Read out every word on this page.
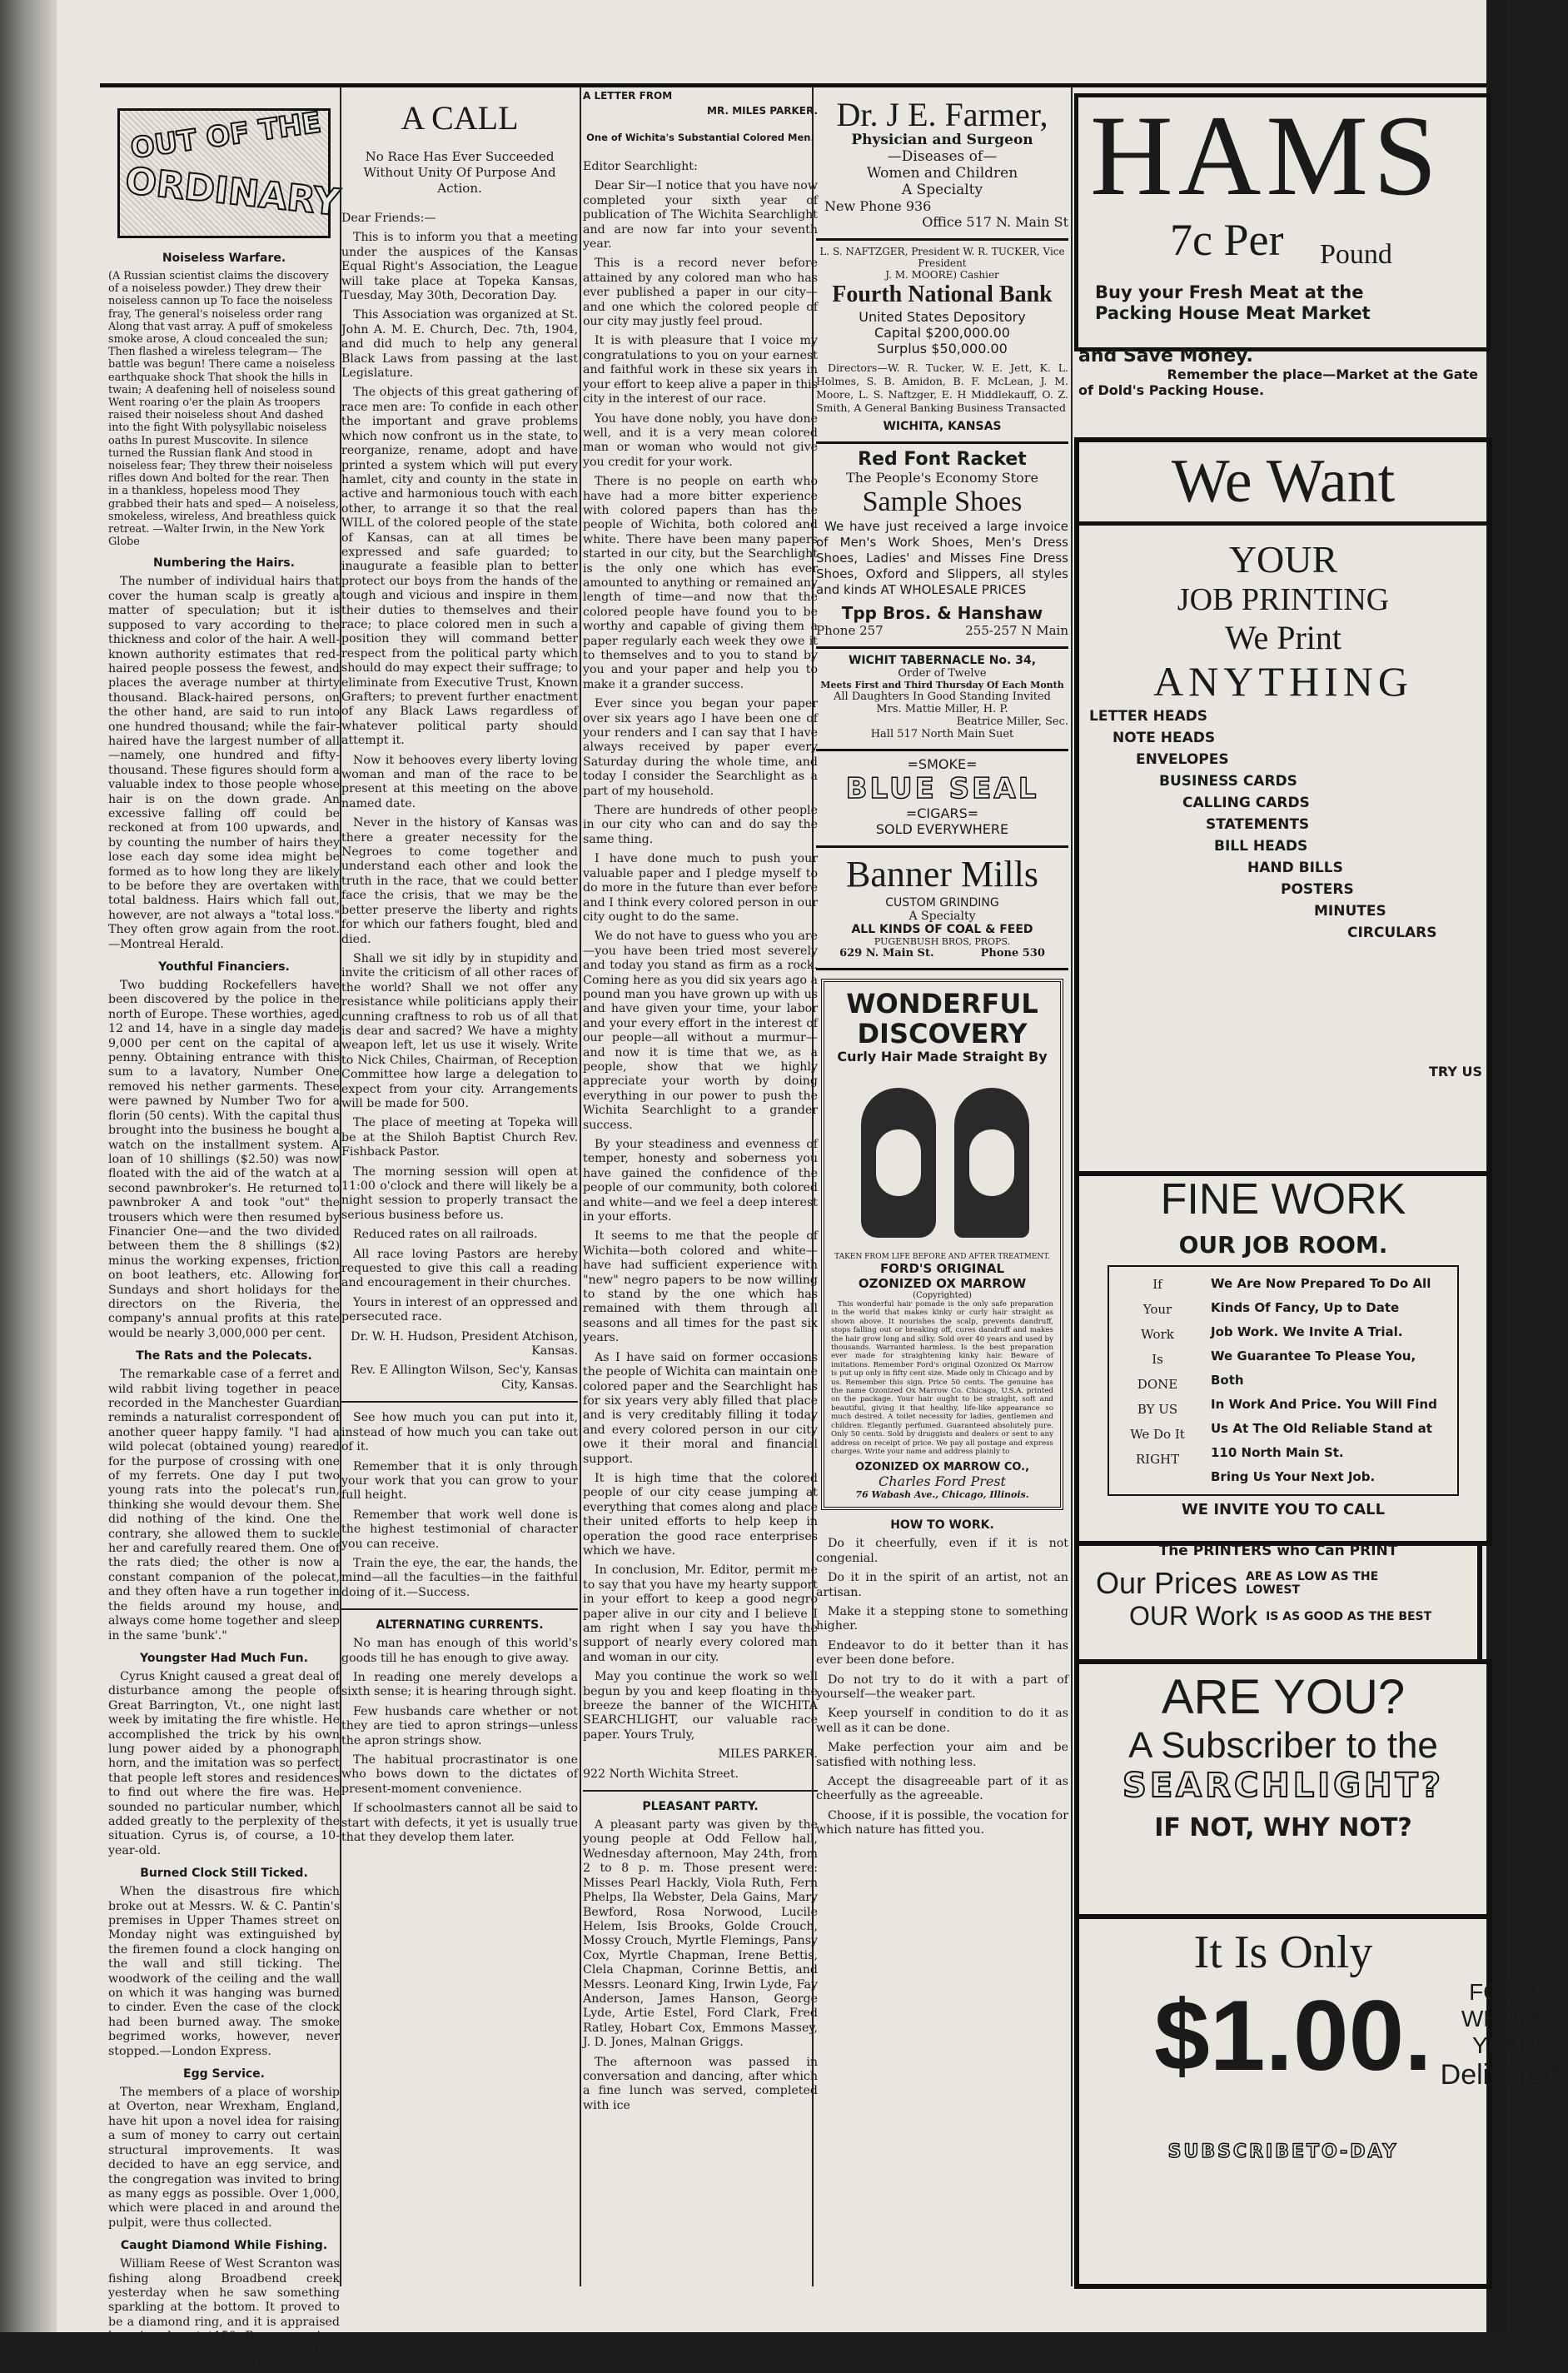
OUT OF THE
ORDINARY
Noiseless Warfare.

(A Russian scientist claims the discovery of a noiseless powder.) They drew their noiseless cannon up To face the noiseless fray, The general's noiseless order rang Along that vast array. A puff of smokeless smoke arose, A cloud concealed the sun; Then flashed a wireless telegram— The battle was begun! There came a noiseless earthquake shock That shook the hills in twain; A deafening hell of noiseless sound Went roaring o'er the plain As troopers raised their noiseless shout And dashed into the fight With polysyllabic noiseless oaths In purest Muscovite. In silence turned the Russian flank And stood in noiseless fear; They threw their noiseless rifles down And bolted for the rear. Then in a thankless, hopeless mood They grabbed their hats and sped— A noiseless, smokeless, wireless, And breathless quick retreat. —Walter Irwin, in the New York Globe

Numbering the Hairs.

The number of individual hairs that cover the human scalp is greatly a matter of speculation; but it is supposed to vary according to the thickness and color of the hair. A well-known authority estimates that red-haired people possess the fewest, and places the average number at thirty thousand. Black-haired persons, on the other hand, are said to run into one hundred thousand; while the fair-haired have the largest number of all—namely, one hundred and fifty-thousand. These figures should form a valuable index to those people whose hair is on the down grade. An excessive falling off could be reckoned at from 100 upwards, and by counting the number of hairs they lose each day some idea might be formed as to how long they are likely to be before they are overtaken with total baldness. Hairs which fall out, however, are not always a "total loss." They often grow again from the root.—Montreal Herald.

Youthful Financiers.

Two budding Rockefellers have been discovered by the police in the north of Europe. These worthies, aged 12 and 14, have in a single day made 9,000 per cent on the capital of a penny. Obtaining entrance with this sum to a lavatory, Number One removed his nether garments. These were pawned by Number Two for a florin (50 cents). With the capital thus brought into the business he bought a watch on the installment system. A loan of 10 shillings ($2.50) was now floated with the aid of the watch at a second pawnbroker's. He returned to pawnbroker A and took "out" the trousers which were then resumed by Financier One—and the two divided between them the 8 shillings ($2) minus the working expenses, friction on boot leathers, etc. Allowing for Sundays and short holidays for the directors on the Riveria, the company's annual profits at this rate would be nearly 3,000,000 per cent.

The Rats and the Polecats.

The remarkable case of a ferret and wild rabbit living together in peace recorded in the Manchester Guardian reminds a naturalist correspondent of another queer happy family. "I had a wild polecat (obtained young) reared for the purpose of crossing with one of my ferrets. One day I put two young rats into the polecat's run, thinking she would devour them. She did nothing of the kind. One the contrary, she allowed them to suckle her and carefully reared them. One of the rats died; the other is now a constant companion of the polecat, and they often have a run together in the fields around my house, and always come home together and sleep in the same 'bunk'."

Youngster Had Much Fun.

Cyrus Knight caused a great deal of disturbance among the people of Great Barrington, Vt., one night last week by imitating the fire whistle. He accomplished the trick by his own lung power aided by a phonograph horn, and the imitation was so perfect that people left stores and residences to find out where the fire was. He sounded no particular number, which added greatly to the perplexity of the situation. Cyrus is, of course, a 10-year-old.

Burned Clock Still Ticked.

When the disastrous fire which broke out at Messrs. W. & C. Pantin's premises in Upper Thames street on Monday night was extinguished by the firemen found a clock hanging on the wall and still ticking. The woodwork of the ceiling and the wall on which it was hanging was burned to cinder. Even the case of the clock had been burned away. The smoke begrimed works, however, never stopped.—London Express.

Egg Service.

The members of a place of worship at Overton, near Wrexham, England, have hit upon a novel idea for raising a sum of money to carry out certain structural improvements. It was decided to have an egg service, and the congregation was invited to bring as many eggs as possible. Over 1,000, which were placed in and around the pulpit, were thus collected.

Caught Diamond While Fishing.

William Reese of West Scranton was fishing along Broadbend creek yesterday when he saw something sparkling at the bottom. It proved to be a diamond ring, and it is appraised by a jeweler at $150. Reese surmises that some fisherman lost it.—Wilkesbarre, Pa., dispatch.

A CALL

No Race Has Ever Succeeded Without Unity Of Purpose And Action.

Dear Friends:—

This is to inform you that a meeting under the auspices of the Kansas Equal Right's Association, the League will take place at Topeka Kansas, Tuesday, May 30th, Decoration Day.

This Association was organized at St. John A. M. E. Church, Dec. 7th, 1904, and did much to help any general Black Laws from passing at the last Legislature.

The objects of this great gathering of race men are: To confide in each other the important and grave problems which now confront us in the state, to reorganize, rename, adopt and have printed a system which will put every hamlet, city and county in the state in active and harmonious touch with each other, to arrange it so that the real WILL of the colored people of the state of Kansas, can at all times be expressed and safe guarded; to inaugurate a feasible plan to better protect our boys from the hands of the tough and vicious and inspire in them their duties to themselves and their race; to place colored men in such a position they will command better respect from the political party which should do may expect their suffrage; to eliminate from Executive Trust, Known Grafters; to prevent further enactment of any Black Laws regardless of whatever political party should attempt it.

Now it behooves every liberty loving woman and man of the race to be present at this meeting on the above named date.

Never in the history of Kansas was there a greater necessity for the Negroes to come together and understand each other and look the truth in the race, that we could better face the crisis, that we may be the better preserve the liberty and rights for which our fathers fought, bled and died.

Shall we sit idly by in stupidity and invite the criticism of all other races of the world? Shall we not offer any resistance while politicians apply their cunning craftness to rob us of all that is dear and sacred? We have a mighty weapon left, let us use it wisely. Write to Nick Chiles, Chairman, of Reception Committee how large a delegation to expect from your city. Arrangements will be made for 500.

The place of meeting at Topeka will be at the Shiloh Baptist Church Rev. Fishback Pastor.

The morning session will open at 11:00 o'clock and there will likely be a night session to properly transact the serious business before us.

Reduced rates on all railroads.

All race loving Pastors are hereby requested to give this call a reading and encouragement in their churches.

Yours in interest of an oppressed and persecuted race.

Dr. W. H. Hudson, President Atchison, Kansas.

Rev. E Allington Wilson, Sec'y, Kansas City, Kansas.

See how much you can put into it, instead of how much you can take out of it.

Remember that it is only through your work that you can grow to your full height.

Remember that work well done is the highest testimonial of character you can receive.

Train the eye, the ear, the hands, the mind—all the faculties—in the faithful doing of it.—Success.

ALTERNATING CURRENTS.

No man has enough of this world's goods till he has enough to give away.

In reading one merely develops a sixth sense; it is hearing through sight.

Few husbands care whether or not they are tied to apron strings—unless the apron strings show.

The habitual procrastinator is one who bows down to the dictates of present-moment convenience.

If schoolmasters cannot all be said to start with defects, it yet is usually true that they develop them later.

A LETTER FROM
MR. MILES PARKER.
One of Wichita's Substantial Colored Men.

Editor Searchlight:

Dear Sir—I notice that you have now completed your sixth year of publication of The Wichita Searchlight and are now far into your seventh year.

This is a record never before attained by any colored man who has ever published a paper in our city—and one which the colored people of our city may justly feel proud.

It is with pleasure that I voice my congratulations to you on your earnest and faithful work in these six years in your effort to keep alive a paper in this city in the interest of our race.

You have done nobly, you have done well, and it is a very mean colored man or woman who would not give you credit for your work.

There is no people on earth who have had a more bitter experience with colored papers than has the people of Wichita, both colored and white. There have been many papers started in our city, but the Searchlight is the only one which has ever amounted to anything or remained any length of time—and now that the colored people have found you to be worthy and capable of giving them a paper regularly each week they owe it to themselves and to you to stand by you and your paper and help you to make it a grander success.

Ever since you began your paper over six years ago I have been one of your renders and I can say that I have always received by paper every Saturday during the whole time, and today I consider the Searchlight as a part of my household.

There are hundreds of other people in our city who can and do say the same thing.

I have done much to push your valuable paper and I pledge myself to do more in the future than ever before and I think every colored person in our city ought to do the same.

We do not have to guess who you are—you have been tried most severely and today you stand as firm as a rock. Coming here as you did six years ago a pound man you have grown up with us and have given your time, your labor and your every effort in the interest of our people—all without a murmur—and now it is time that we, as a people, show that we highly appreciate your worth by doing everything in our power to push the Wichita Searchlight to a grander success.

By your steadiness and evenness of temper, honesty and soberness you have gained the confidence of the people of our community, both colored and white—and we feel a deep interest in your efforts.

It seems to me that the people of Wichita—both colored and white—have had sufficient experience with "new" negro papers to be now willing to stand by the one which has remained with them through all seasons and all times for the past six years.

As I have said on former occasions the people of Wichita can maintain one colored paper and the Searchlight has for six years very ably filled that place and is very creditably filling it today and every colored person in our city owe it their moral and financial support.

It is high time that the colored people of our city cease jumping at everything that comes along and place their united efforts to help keep in operation the good race enterprises which we have.

In conclusion, Mr. Editor, permit me to say that you have my hearty support in your effort to keep a good negro paper alive in our city and I believe I am right when I say you have the support of nearly every colored man and woman in our city.

May you continue the work so well begun by you and keep floating in the breeze the banner of the WICHITA SEARCHLIGHT, our valuable race paper. Yours Truly,

MILES PARKER.

922 North Wichita Street.

PLEASANT PARTY.

A pleasant party was given by the young people at Odd Fellow hall, Wednesday afternoon, May 24th, from 2 to 8 p. m. Those present were: Misses Pearl Hackly, Viola Ruth, Fern Phelps, Ila Webster, Dela Gains, Mary Bewford, Rosa Norwood, Lucile Helem, Isis Brooks, Golde Crouch, Mossy Crouch, Myrtle Flemings, Pansy Cox, Myrtle Chapman, Irene Bettis, Clela Chapman, Corinne Bettis, and Messrs. Leonard King, Irwin Lyde, Fay Anderson, James Hanson, George Lyde, Artie Estel, Ford Clark, Fred Ratley, Hobart Cox, Emmons Massey, J. D. Jones, Malnan Griggs.

The afternoon was passed in conversation and dancing, after which a fine lunch was served, completed with ice

Dr. J E. Farmer,
Physician and Surgeon
—Diseases of—
Women and Children
A Specialty
New Phone 936
Office 517 N. Main St
L. S. NAFTZGER, President W. R. TUCKER, Vice President
J. M. MOORE) Cashier
Fourth National Bank
United States Depository
Capital $200,000.00
Surplus $50,000.00

Directors—W. R. Tucker, W. E. Jett, K. L. Holmes, S. B. Amidon, B. F. McLean, J. M. Moore, L. S. Naftzger, E. H Middlekauff, O. Z. Smith, A General Banking Business Transacted

WICHITA, KANSAS
Red Font Racket
The People's Economy Store
Sample Shoes

We have just received a large invoice of Men's Work Shoes, Men's Dress Shoes, Ladies' and Misses Fine Dress Shoes, Oxford and Slippers, all styles and kinds AT WHOLESALE PRICES

Tpp Bros. & Hanshaw
Phone 257	255-257 N Main
WICHIT TABERNACLE No. 34,
Order of Twelve
Meets First and Third Thursday Of Each Month
All Daughters In Good Standing Invited
Mrs. Mattie Miller, H. P.
Beatrice Miller, Sec.
Hall 517 North Main Suet
=SMOKE=
BLUE SEAL
=CIGARS=
SOLD EVERYWHERE
Banner Mills
CUSTOM GRINDING
A Specialty
ALL KINDS OF COAL & FEED
PUGENBUSH BROS, PROPS.
629 N. Main St.	Phone 530
WONDERFUL
DISCOVERY
Curly Hair Made Straight By
TAKEN FROM LIFE BEFORE AND AFTER TREATMENT.
FORD'S ORIGINAL
OZONIZED OX MARROW
(Copyrighted)

This wonderful hair pomade is the only safe preparation in the world that makes kinky or curly hair straight as shown above. It nourishes the scalp, prevents dandruff, stops falling out or breaking off, cures dandruff and makes the hair grow long and silky. Sold over 40 years and used by thousands. Warranted harmless. Is the best preparation ever made for straightening kinky hair. Beware of imitations. Remember Ford's original Ozonized Ox Marrow is put up only in fifty cent size. Made only in Chicago and by us. Remember this sign. Price 50 cents. The genuine has the name Ozonized Ox Marrow Co. Chicago, U.S.A. printed on the package. Your hair ought to be straight, soft and beautiful, giving it that healthy, life-like appearance so much desired. A toilet necessity for ladies, gentlemen and children. Elegantly perfumed. Guaranteed absolutely pure. Only 50 cents. Sold by druggists and dealers or sent to any address on receipt of price. We pay all postage and express charges. Write your name and address plainly to

OZONIZED OX MARROW CO.,
Charles Ford Prest
76 Wabash Ave., Chicago, Illinois.
HOW TO WORK.

Do it cheerfully, even if it is not congenial.

Do it in the spirit of an artist, not an artisan.

Make it a stepping stone to something higher.

Endeavor to do it better than it has ever been done before.

Do not try to do it with a part of yourself—the weaker part.

Keep yourself in condition to do it as well as it can be done.

Make perfection your aim and be satisfied with nothing less.

Accept the disagreeable part of it as cheerfully as the agreeable.

Choose, if it is possible, the vocation for which nature has fitted you.

HAMS
7c Per Pound
Buy your Fresh Meat at the
Packing House Meat Market
and Save Money.
Remember the place—Market at the Gate
of Dold's Packing House.
We Want
YOUR
JOB PRINTING
We Print
ANYTHING
LETTER HEADS
NOTE HEADS
ENVELOPES
BUSINESS CARDS
CALLING CARDS
STATEMENTS
BILL HEADS
HAND BILLS
POSTERS
MINUTES
CIRCULARS
TRY US
FINE WORK
OUR JOB ROOM.
If
Your
Work
Is
DONE
BY US
We Do It
RIGHT
We Are Now Prepared To Do All Kinds Of Fancy, Up to Date
Job Work. We Invite A Trial.
We Guarantee To Please You, Both
In Work And Price. You Will Find
Us At The Old Reliable Stand at
110 North Main St.
Bring Us Your Next Job.
WE INVITE YOU TO CALL
The PRINTERS who Can PRINT
Our Prices ARE AS LOW AS THE LOWEST
OUR Work IS AS GOOD AS THE BEST
ARE YOU?
A Subscriber to the
SEARCHLIGHT?
IF NOT, WHY NOT?
It Is Only
$1.00.	FOR A
WHOLE YEAR
Delivered.
SUBSCRIBETO-DAY
